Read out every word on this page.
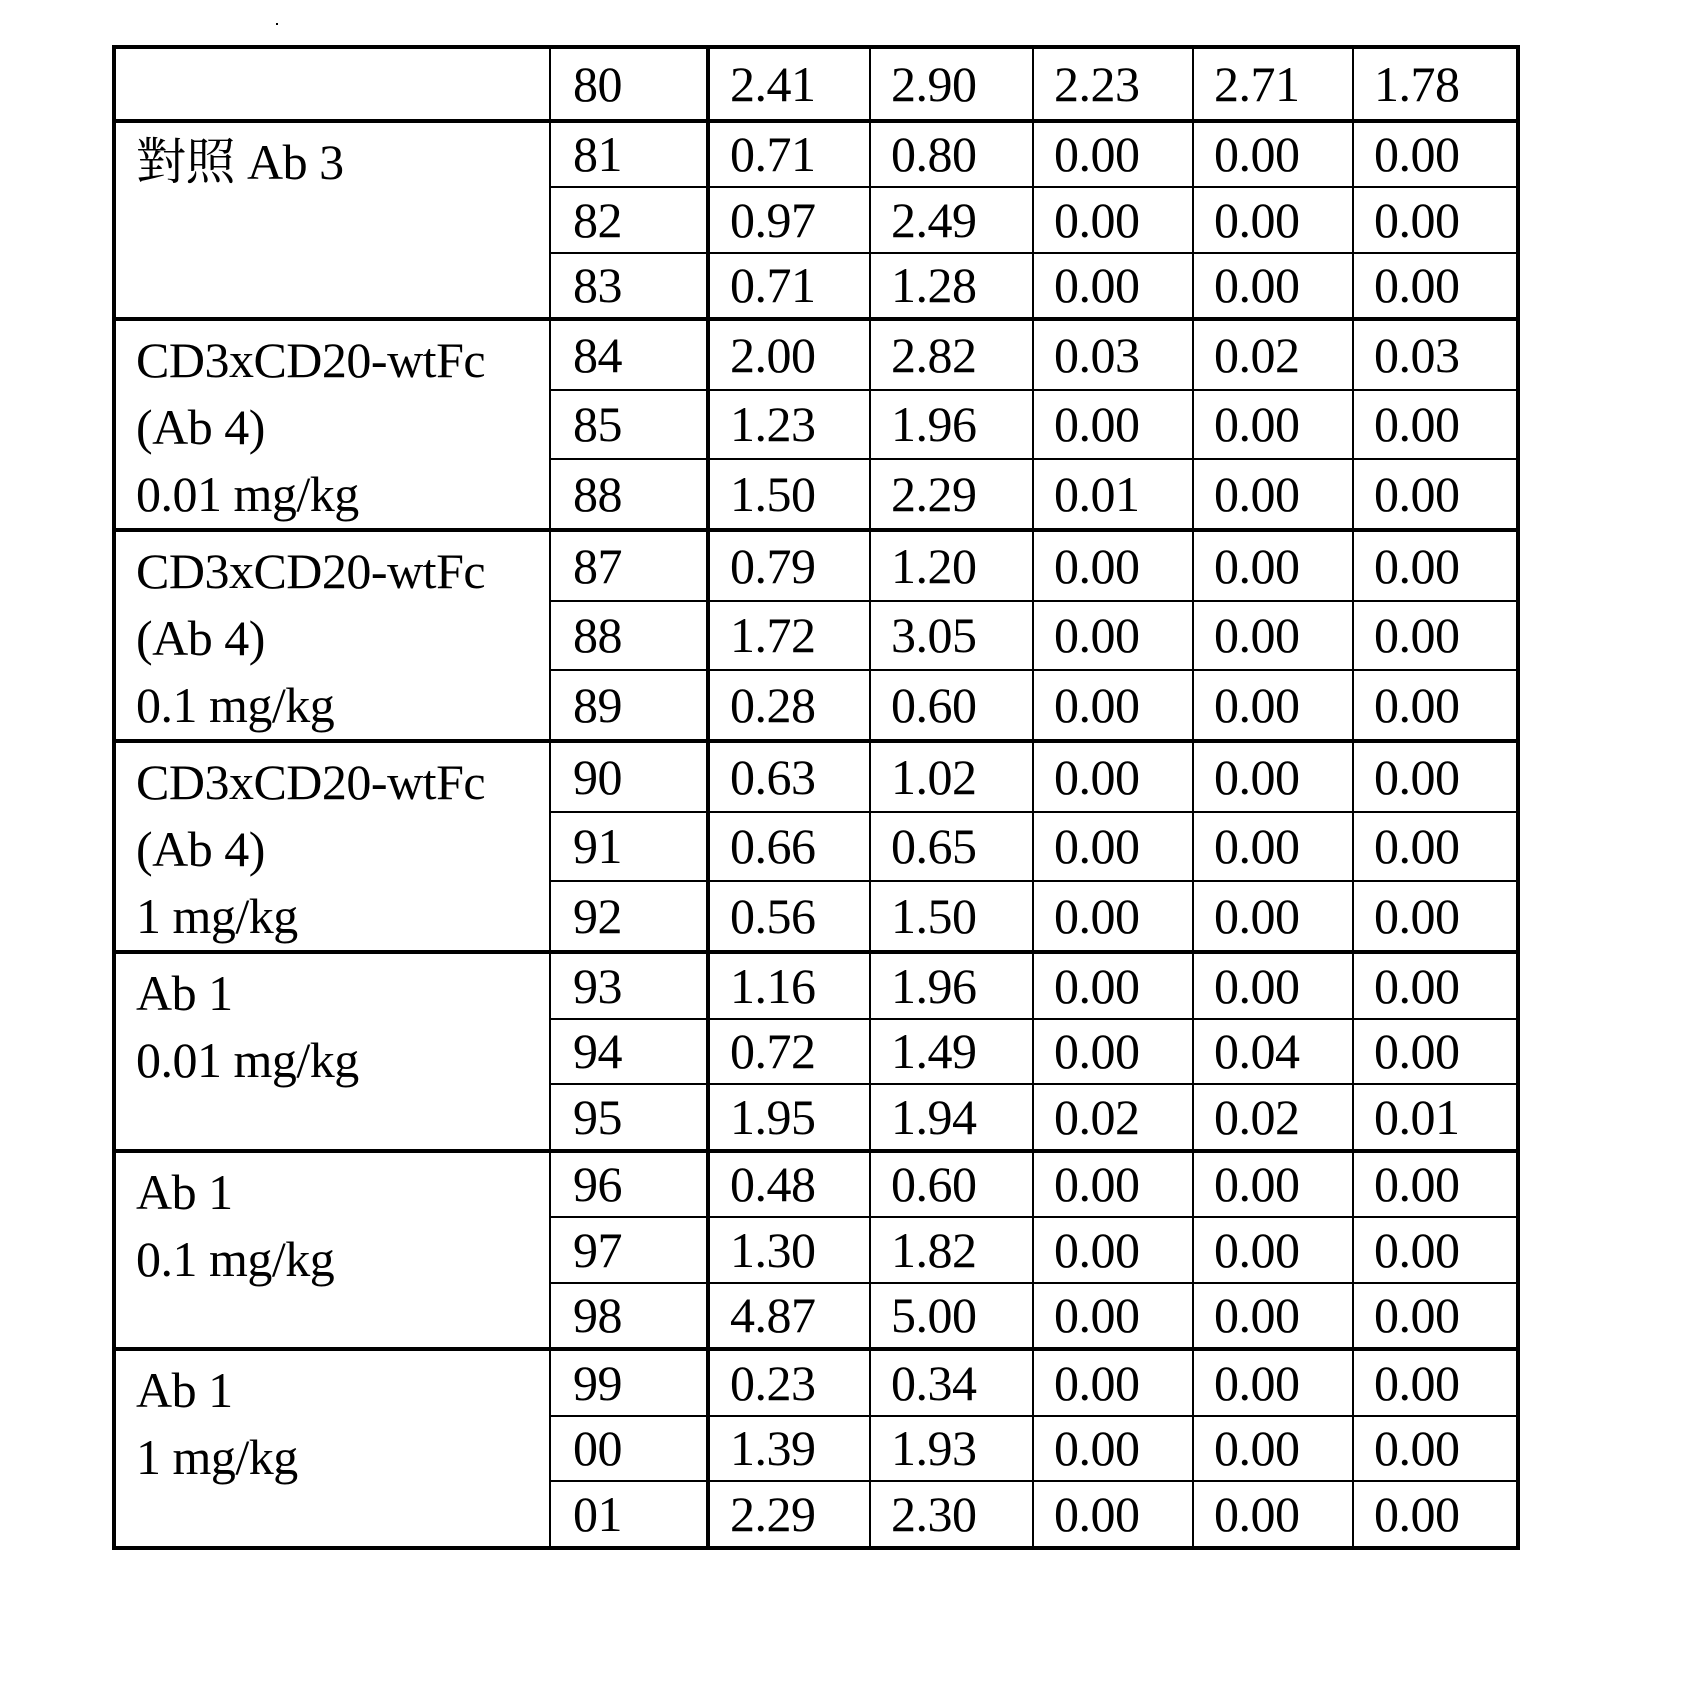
	80	2.41	2.90	2.23	2.71	1.78

對照 Ab 3	81	0.71	0.80	0.00	0.00	0.00
	82	0.97	2.49	0.00	0.00	0.00
	83	0.71	1.28	0.00	0.00	0.00

CD3xCD20-wtFc
(Ab 4)
0.01 mg/kg	84	2.00	2.82	0.03	0.02	0.03
	85	1.23	1.96	0.00	0.00	0.00
	88	1.50	2.29	0.01	0.00	0.00

CD3xCD20-wtFc
(Ab 4)
0.1 mg/kg	87	0.79	1.20	0.00	0.00	0.00
	88	1.72	3.05	0.00	0.00	0.00
	89	0.28	0.60	0.00	0.00	0.00

CD3xCD20-wtFc
(Ab 4)
1 mg/kg	90	0.63	1.02	0.00	0.00	0.00
	91	0.66	0.65	0.00	0.00	0.00
	92	0.56	1.50	0.00	0.00	0.00

Ab 1
0.01 mg/kg	93	1.16	1.96	0.00	0.00	0.00
	94	0.72	1.49	0.00	0.04	0.00
	95	1.95	1.94	0.02	0.02	0.01

Ab 1
0.1 mg/kg	96	0.48	0.60	0.00	0.00	0.00
	97	1.30	1.82	0.00	0.00	0.00
	98	4.87	5.00	0.00	0.00	0.00

Ab 1
1 mg/kg	99	0.23	0.34	0.00	0.00	0.00
	00	1.39	1.93	0.00	0.00	0.00
	01	2.29	2.30	0.00	0.00	0.00
